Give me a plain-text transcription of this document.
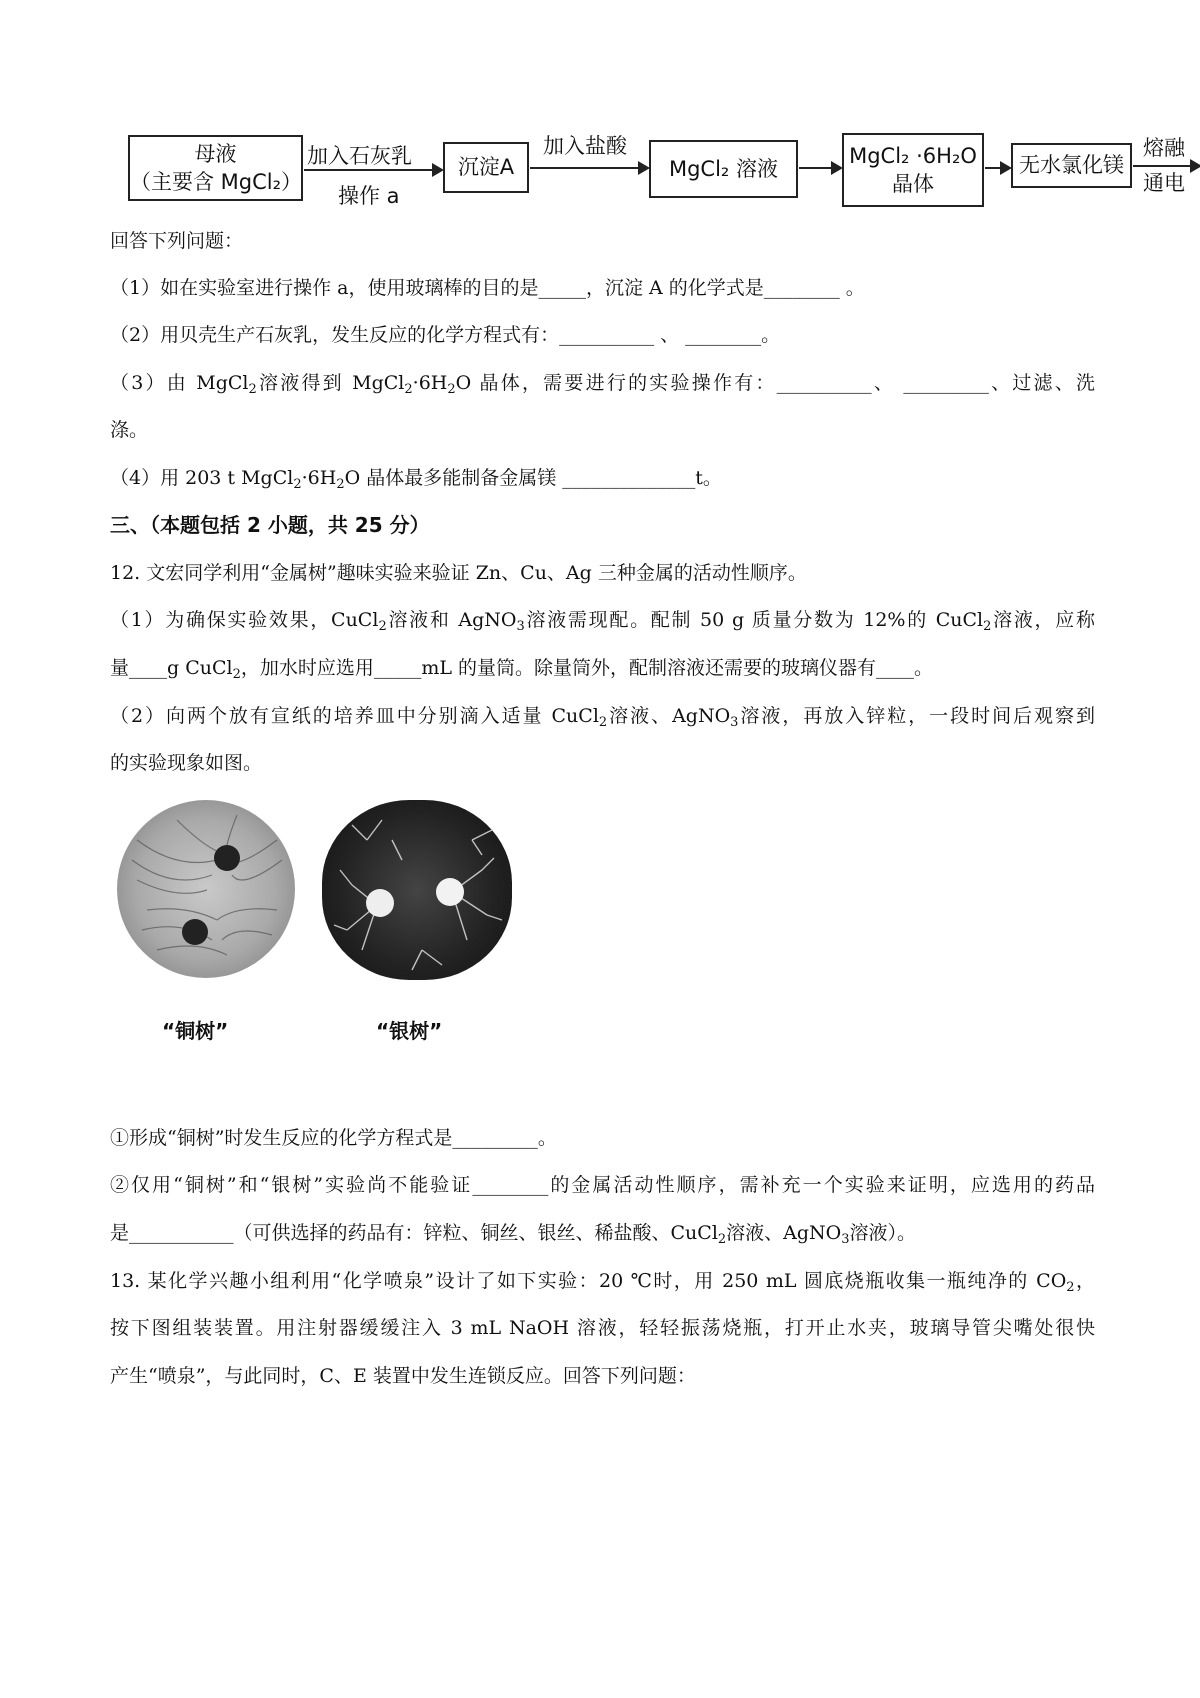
母液
（主要含 MgCl₂）
加入石灰乳
操作 a
沉淀A
加入盐酸
MgCl₂ 溶液
MgCl₂ ·6H₂O
晶体
无水氯化镁
熔融
通电
回答下列问题：
（1）如在实验室进行操作 a，使用玻璃棒的目的是_____，沉淀 A 的化学式是________ 。
（2）用贝壳生产石灰乳，发生反应的化学方程式有：__________ 、 ________。
（3）由 MgCl$_2$溶液得到 $MgCl_2\cdot 6H_2O$ 晶体，需要进行的实验操作有：__________、 _________、过滤、洗
涤。
（4）用 203 t $MgCl_2\cdot 6H_2O$ 晶体最多能制备金属镁 ______________t。
三、（本题包括 2 小题，共 25 分）
12. 文宏同学利用“金属树”趣味实验来验证 Zn、Cu、Ag 三种金属的活动性顺序。
（1）为确保实验效果，CuCl$_2$溶液和 AgNO$_3$溶液需现配。配制 50 g 质量分数为 12%的 CuCl$_2$溶液，应称
量____g CuCl$_2$，加水时应选用_____mL 的量筒。除量筒外，配制溶液还需要的玻璃仪器有____。
（2）向两个放有宣纸的培养皿中分别滴入适量 CuCl$_2$溶液、AgNO$_3$溶液，再放入锌粒，一段时间后观察到
的实验现象如图。
“铜树”	“银树”
①形成“铜树”时发生反应的化学方程式是_________。
②仅用“铜树”和“银树”实验尚不能验证________的金属活动性顺序，需补充一个实验来证明，应选用的药品
是___________（可供选择的药品有：锌粒、铜丝、银丝、稀盐酸、CuCl$_2$溶液、AgNO$_3$溶液）。
13. 某化学兴趣小组利用“化学喷泉”设计了如下实验：20 ℃时，用 250 mL 圆底烧瓶收集一瓶纯净的 $CO_2$，
按下图组装装置。用注射器缓缓注入 3 mL NaOH 溶液，轻轻振荡烧瓶，打开止水夹，玻璃导管尖嘴处很快
产生“喷泉”，与此同时，C、E 装置中发生连锁反应。回答下列问题：
